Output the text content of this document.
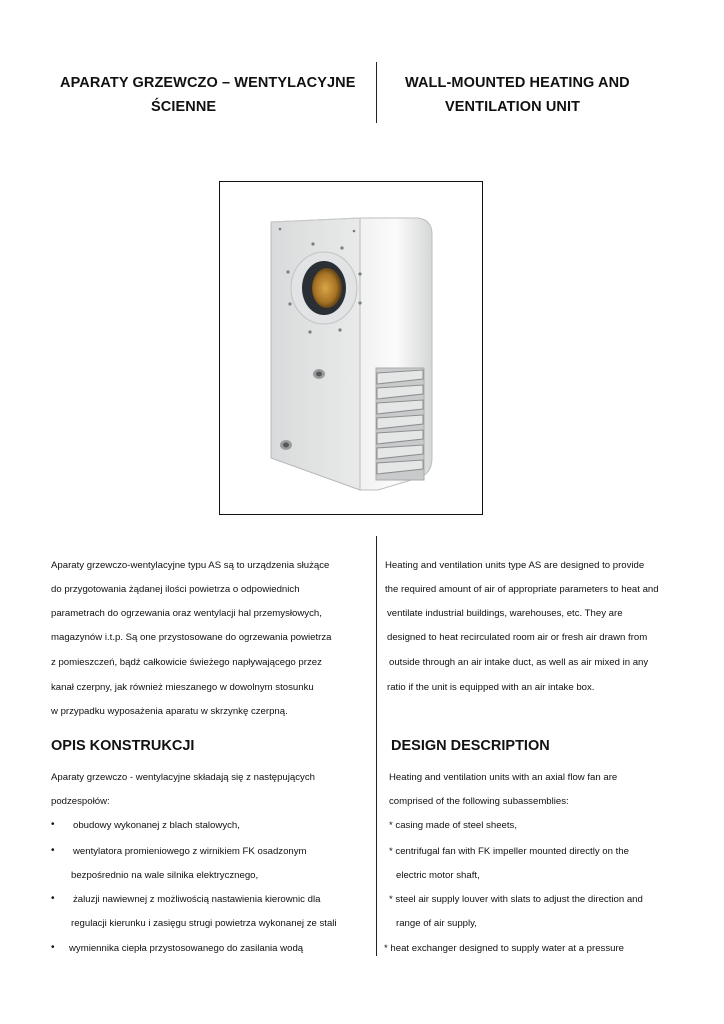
APARATY GRZEWCZO – WENTYLACYJNE
ŚCIENNE
WALL-MOUNTED HEATING AND
VENTILATION UNIT
Aparaty grzewczo-wentylacyjne typu AS są to urządzenia służące
do przygotowania żądanej ilości powietrza o odpowiednich
parametrach do ogrzewania oraz wentylacji hal przemysłowych,
magazynów i.t.p. Są one przystosowane do ogrzewania powietrza
z pomieszczeń, bądź całkowicie świeżego napływającego przez
kanał czerpny, jak również mieszanego w dowolnym stosunku
w przypadku wyposażenia aparatu w skrzynkę czerpną.
Heating and ventilation units type AS are designed to provide
the required amount of air of appropriate parameters to heat and
ventilate industrial buildings, warehouses, etc. They are
designed to heat recirculated room air or fresh air drawn from
outside through an air intake duct, as well as air mixed in any
ratio if the unit is equipped with an air intake box.
OPIS KONSTRUKCJI	DESIGN DESCRIPTION
Aparaty grzewczo - wentylacyjne składają się z następujących
podzespołów:
• obudowy wykonanej z blach stalowych,
• wentylatora promieniowego z wirnikiem FK osadzonym
bezpośrednio na wale silnika elektrycznego,
• żaluzji nawiewnej z możliwością nastawienia kierownic dla
regulacji kierunku i zasięgu strugi powietrza wykonanej ze stali
• wymiennika ciepła przystosowanego do zasilania wodą
Heating and ventilation units with an axial flow fan are
comprised of the following subassemblies:
* casing made of steel sheets,
* centrifugal fan with FK impeller mounted directly on the
electric motor shaft,
* steel air supply louver with slats to adjust the direction and
range of air supply,
* heat exchanger designed to supply water at a pressure
